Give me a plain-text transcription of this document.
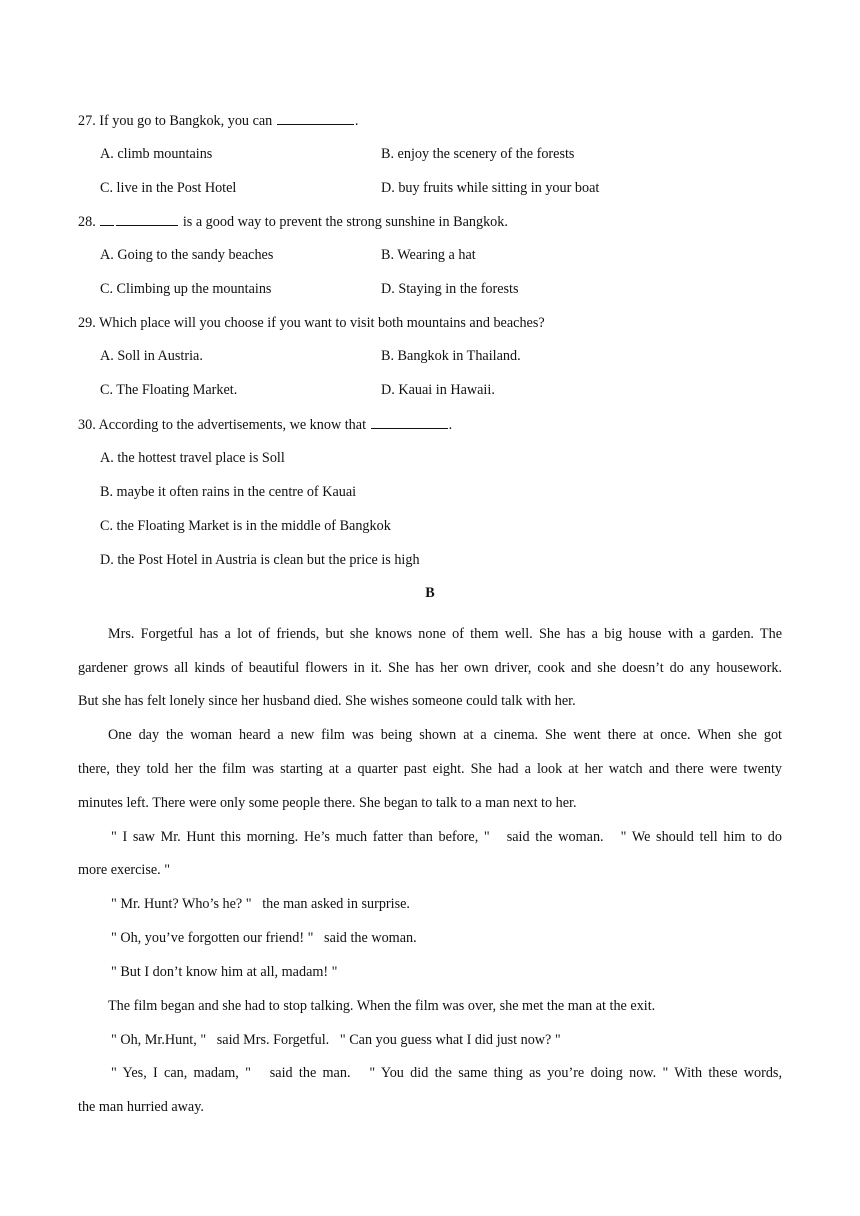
27. If you go to Bangkok, you can	.
A. climb mountains	B. enjoy the scenery of the forests
C. live in the Post Hotel	D. buy fruits while sitting in your boat
28.	is a good way to prevent the strong sunshine in Bangkok.
A. Going to the sandy beaches	B. Wearing a hat
C. Climbing up the mountains	D. Staying in the forests
29. Which place will you choose if you want to visit both mountains and beaches?
A. Soll in Austria.	B. Bangkok in Thailand.
C. The Floating Market.	D. Kauai in Hawaii.
30. According to the advertisements, we know that	.
A. the hottest travel place is Soll
B. maybe it often rains in the centre of Kauai
C. the Floating Market is in the middle of Bangkok
D. the Post Hotel in Austria is clean but the price is high
B
Mrs. Forgetful has a lot of friends, but she knows none of them well. She has a big house with a garden. The
gardener grows all kinds of beautiful flowers in it. She has her own driver, cook and she doesn’t do any housework.
But she has felt lonely since her husband died. She wishes someone could talk with her.
One day the woman heard a new film was being shown at a cinema. She went there at once. When she got
there, they told her the film was starting at a quarter past eight. She had a look at her watch and there were twenty
minutes left. There were only some people there. She began to talk to a man next to her.
" I saw Mr. Hunt this morning. He’s much fatter than before, "   said the woman.   " We should tell him to do
more exercise. "
" Mr. Hunt? Who’s he? "   the man asked in surprise.
" Oh, you’ve forgotten our friend! "   said the woman.
" But I don’t know him at all, madam! "
The film began and she had to stop talking. When the film was over, she met the man at the exit.
" Oh, Mr.Hunt, "   said Mrs. Forgetful.   " Can you guess what I did just now? "
" Yes, I can, madam, "   said the man.   " You did the same thing as you’re doing now. " With these words,
the man hurried away.
